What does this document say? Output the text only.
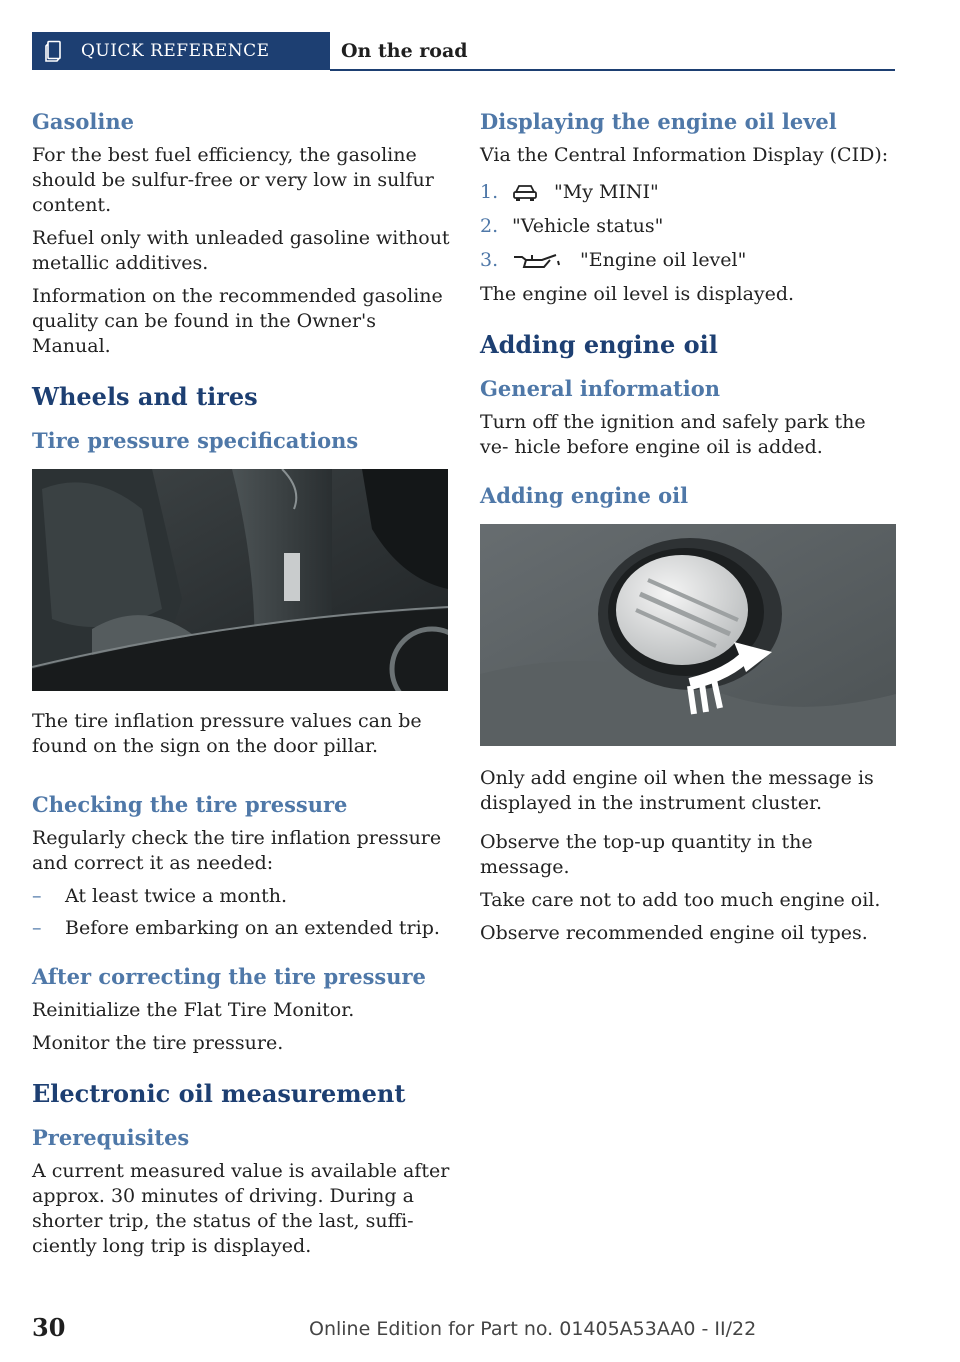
QUICK REFERENCE	On the road
Gasoline

For the best fuel efficiency, the gasoline should be sulfur-free or very low in sulfur content.

Refuel only with unleaded gasoline without metallic additives.

Information on the recommended gasoline quality can be found in the Owner's Manual.

Wheels and tires
Tire pressure specifications

The tire inflation pressure values can be found on the sign on the door pillar.

Checking the tire pressure

Regularly check the tire inflation pressure and correct it as needed:

– At least twice a month.
– Before embarking on an extended trip.
After correcting the tire pressure

Reinitialize the Flat Tire Monitor.

Monitor the tire pressure.

Electronic oil measurement
Prerequisites

A current measured value is available after approx. 30 minutes of driving. During a shorter trip, the status of the last, suffi‐ ciently long trip is displayed.

Displaying the engine oil level

Via the Central Information Display (CID):

1.	"My MINI"
2. "Vehicle status"
3.	"Engine oil level"

The engine oil level is displayed.

Adding engine oil
General information

Turn off the ignition and safely park the ve‐ hicle before engine oil is added.

Adding engine oil

Only add engine oil when the message is displayed in the instrument cluster.

Observe the top-up quantity in the message.

Take care not to add too much engine oil.

Observe recommended engine oil types.

30	Online Edition for Part no. 01405A53AA0 - II/22
